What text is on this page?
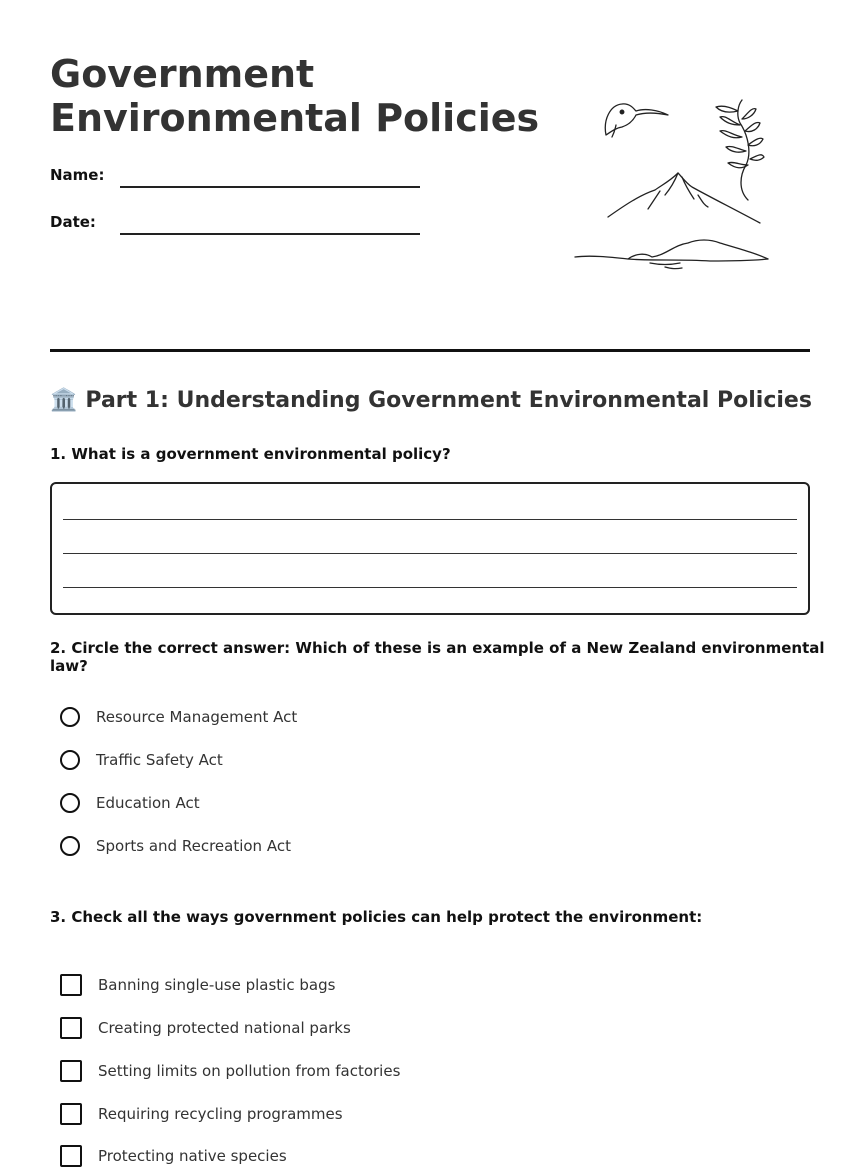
Government
Environmental Policies
Name:
Date:
🏛️ Part 1: Understanding Government Environmental Policies
1. What is a government environmental policy?
2. Circle the correct answer: Which of these is an example of a New Zealand environmental law?
Resource Management Act
Traffic Safety Act
Education Act
Sports and Recreation Act
3. Check all the ways government policies can help protect the environment:
Banning single-use plastic bags
Creating protected national parks
Setting limits on pollution from factories
Requiring recycling programmes
Protecting native species
